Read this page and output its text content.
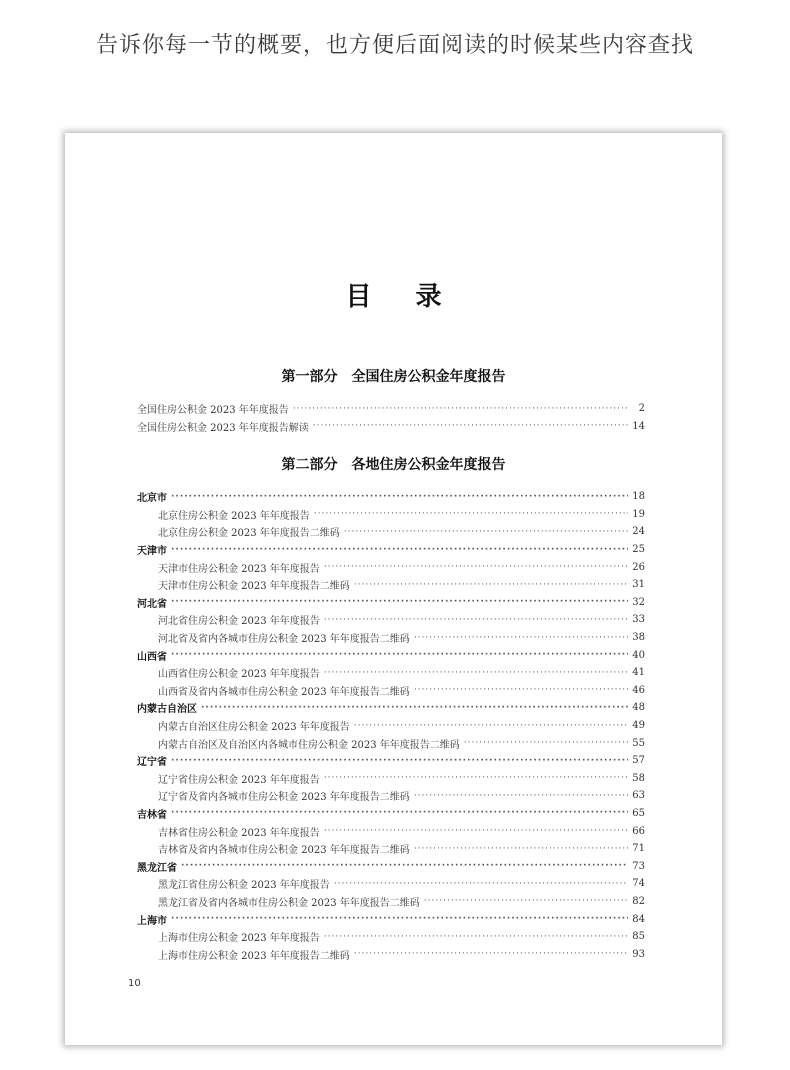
告诉你每一节的概要，也方便后面阅读的时候某些内容查找
目 录
第一部分 全国住房公积金年度报告
全国住房公积金 2023 年年度报告 ·····	2
全国住房公积金 2023 年年度报告解读 ·····	14
第二部分 各地住房公积金年度报告
北京市 ·····	18
北京住房公积金 2023 年年度报告 ·····	19
北京住房公积金 2023 年年度报告二维码 ·····	24
天津市 ·····	25
天津市住房公积金 2023 年年度报告 ·····	26
天津市住房公积金 2023 年年度报告二维码 ·····	31
河北省 ·····	32
河北省住房公积金 2023 年年度报告 ·····	33
河北省及省内各城市住房公积金 2023 年年度报告二维码 ·····	38
山西省 ·····	40
山西省住房公积金 2023 年年度报告 ·····	41
山西省及省内各城市住房公积金 2023 年年度报告二维码 ·····	46
内蒙古自治区 ·····	48
内蒙古自治区住房公积金 2023 年年度报告 ·····	49
内蒙古自治区及自治区内各城市住房公积金 2023 年年度报告二维码 ·····	55
辽宁省 ·····	57
辽宁省住房公积金 2023 年年度报告 ·····	58
辽宁省及省内各城市住房公积金 2023 年年度报告二维码 ·····	63
吉林省 ·····	65
吉林省住房公积金 2023 年年度报告 ·····	66
吉林省及省内各城市住房公积金 2023 年年度报告二维码 ·····	71
黑龙江省 ·····	73
黑龙江省住房公积金 2023 年年度报告 ·····	74
黑龙江省及省内各城市住房公积金 2023 年年度报告二维码 ·····	82
上海市 ·····	84
上海市住房公积金 2023 年年度报告 ·····	85
上海市住房公积金 2023 年年度报告二维码 ·····	93
10
